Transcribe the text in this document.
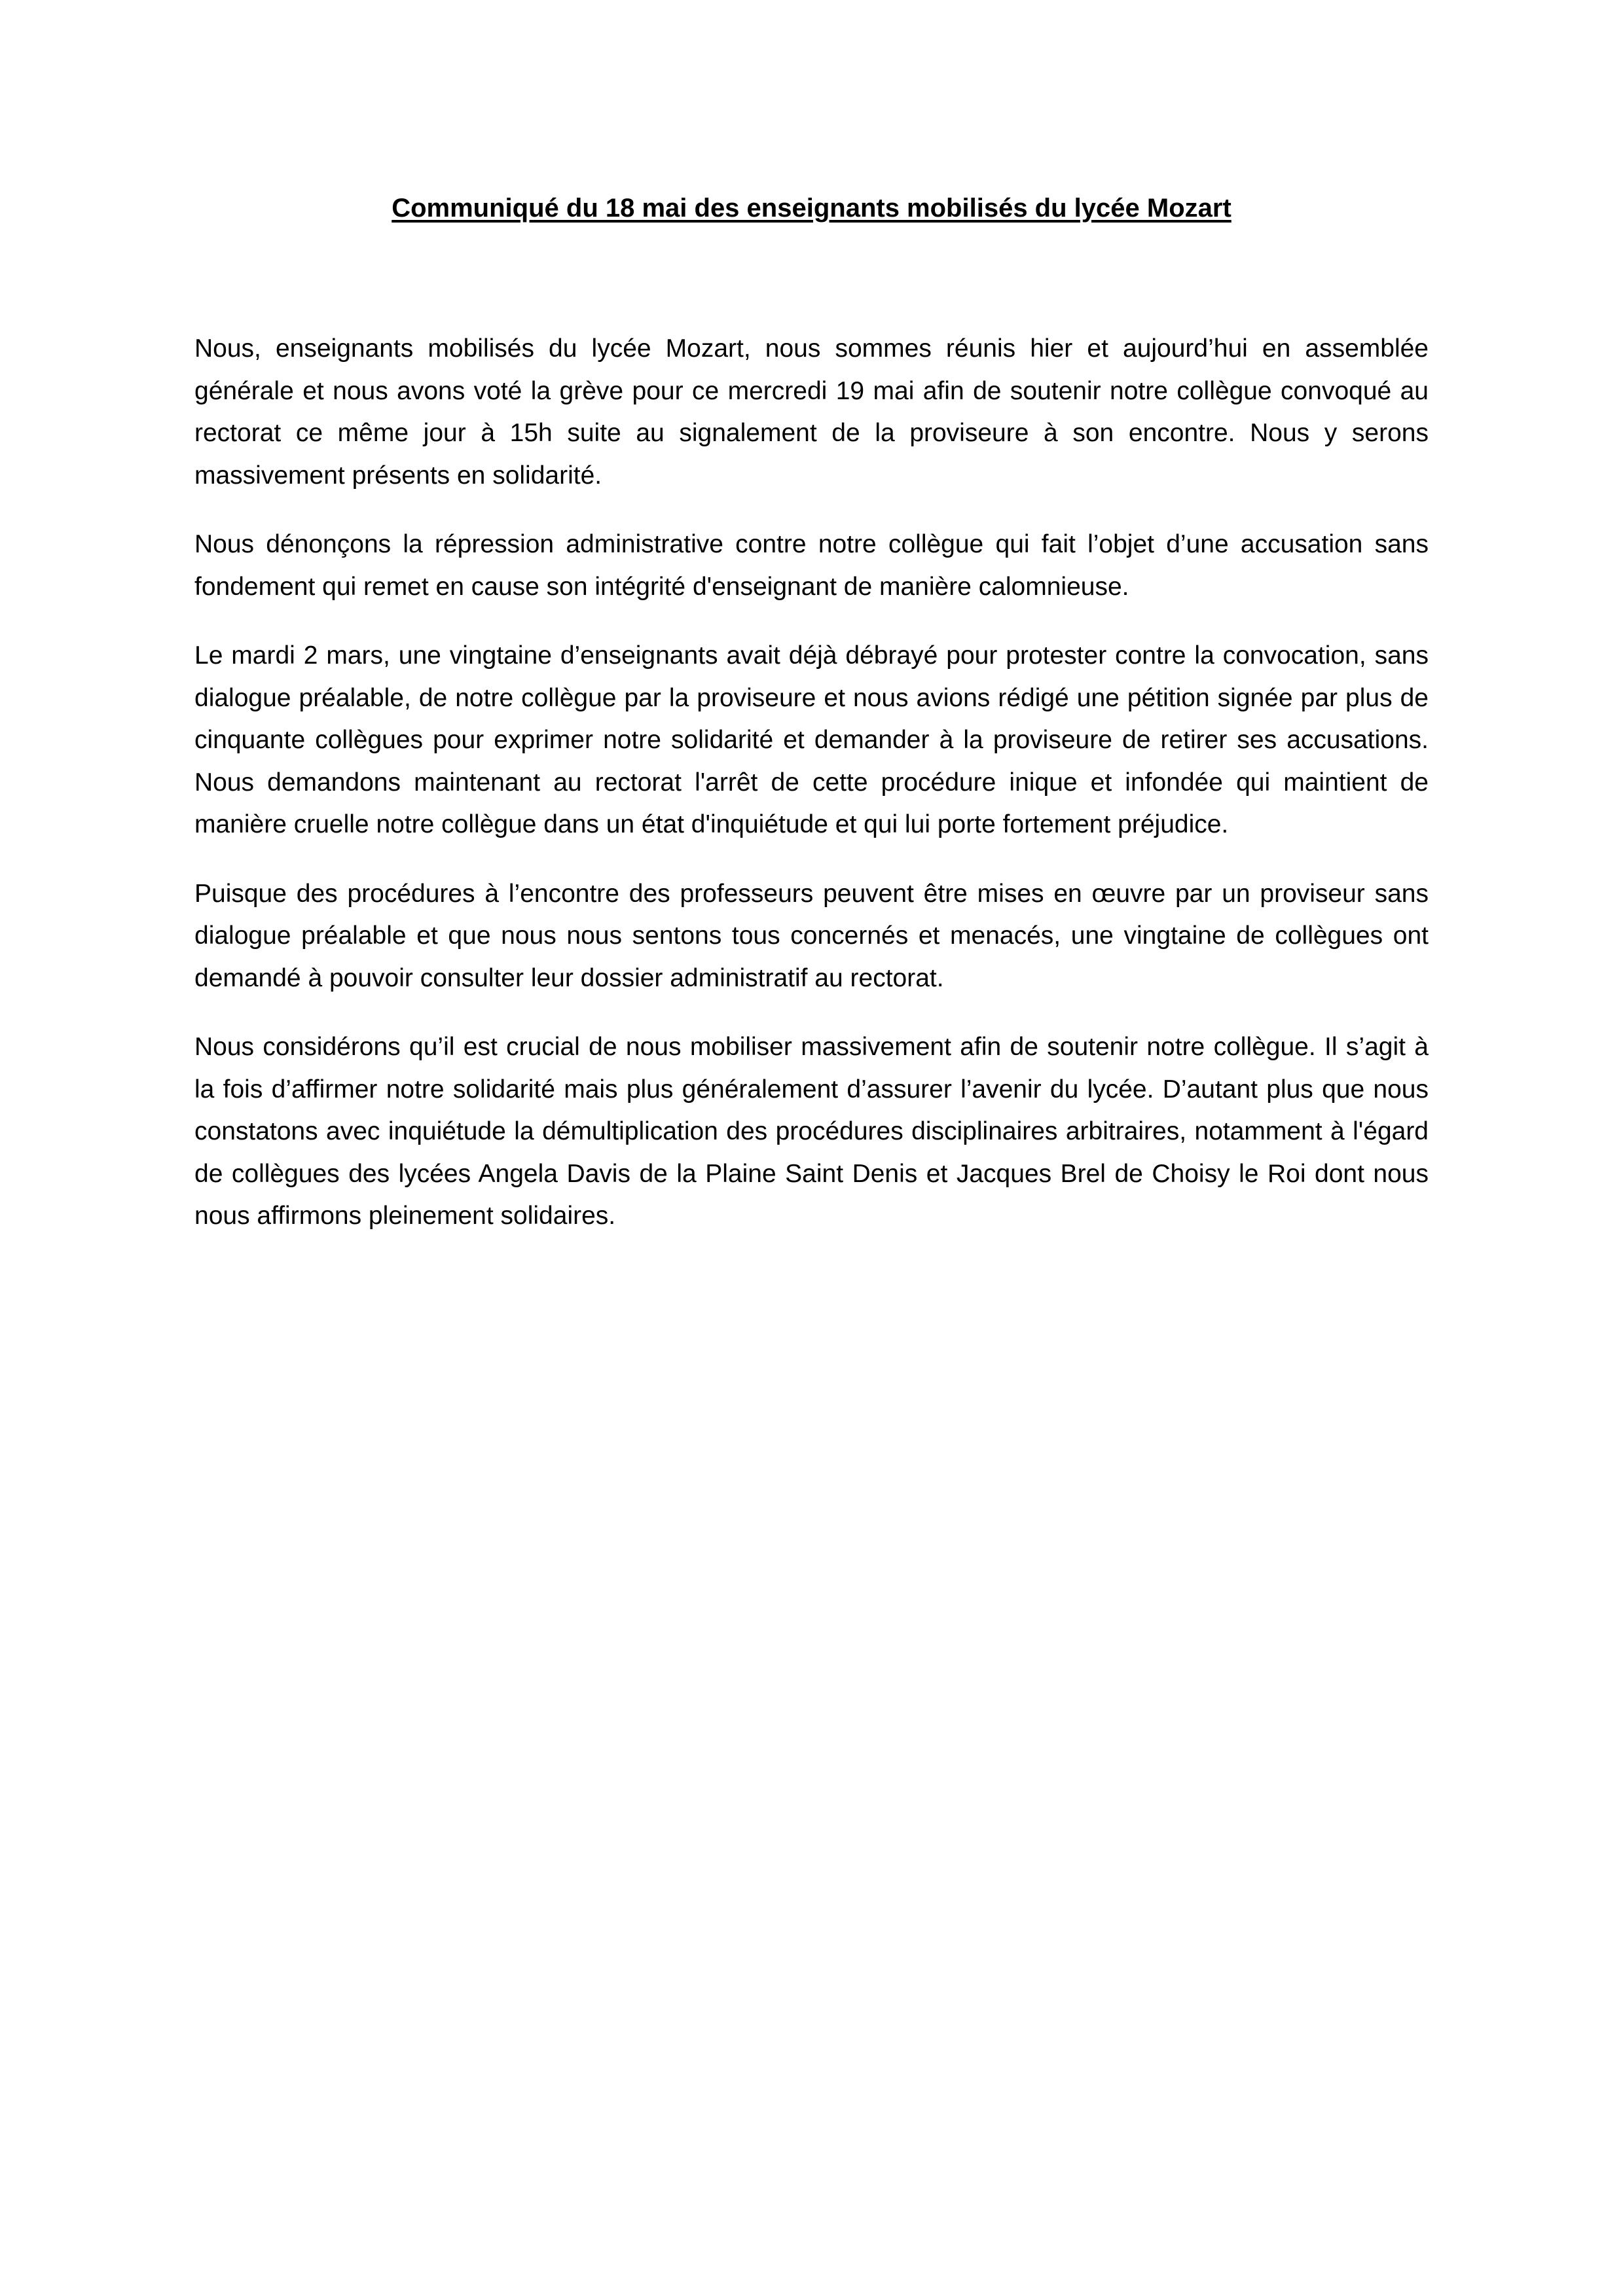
Communiqué du 18 mai des enseignants mobilisés du lycée Mozart

Nous, enseignants mobilisés du lycée Mozart, nous sommes réunis hier et aujourd’hui en assemblée générale et nous avons voté la grève pour ce mercredi 19 mai afin de soutenir notre collègue convoqué au rectorat ce même jour à 15h suite au signalement de la proviseure à son encontre. Nous y serons massivement présents en solidarité.

Nous dénonçons la répression administrative contre notre collègue qui fait l’objet d’une accusation sans fondement qui remet en cause son intégrité d'enseignant de manière calomnieuse.

Le mardi 2 mars, une vingtaine d’enseignants avait déjà débrayé pour protester contre la convocation, sans dialogue préalable, de notre collègue par la proviseure et nous avions rédigé une pétition signée par plus de cinquante collègues pour exprimer notre solidarité et demander à la proviseure de retirer ses accusations. Nous demandons maintenant au rectorat l'arrêt de cette procédure inique et infondée qui maintient de manière cruelle notre collègue dans un état d'inquiétude et qui lui porte fortement préjudice.

Puisque des procédures à l’encontre des professeurs peuvent être mises en œuvre par un proviseur sans dialogue préalable et que nous nous sentons tous concernés et menacés, une vingtaine de collègues ont demandé à pouvoir consulter leur dossier administratif au rectorat.

Nous considérons qu’il est crucial de nous mobiliser massivement afin de soutenir notre collègue. Il s’agit à la fois d’affirmer notre solidarité mais plus généralement d’assurer l’avenir du lycée. D’autant plus que nous constatons avec inquiétude la démultiplication des procédures disciplinaires arbitraires, notamment à l'égard de collègues des lycées Angela Davis de la Plaine Saint Denis et Jacques Brel de Choisy le Roi dont nous nous affirmons pleinement solidaires.
